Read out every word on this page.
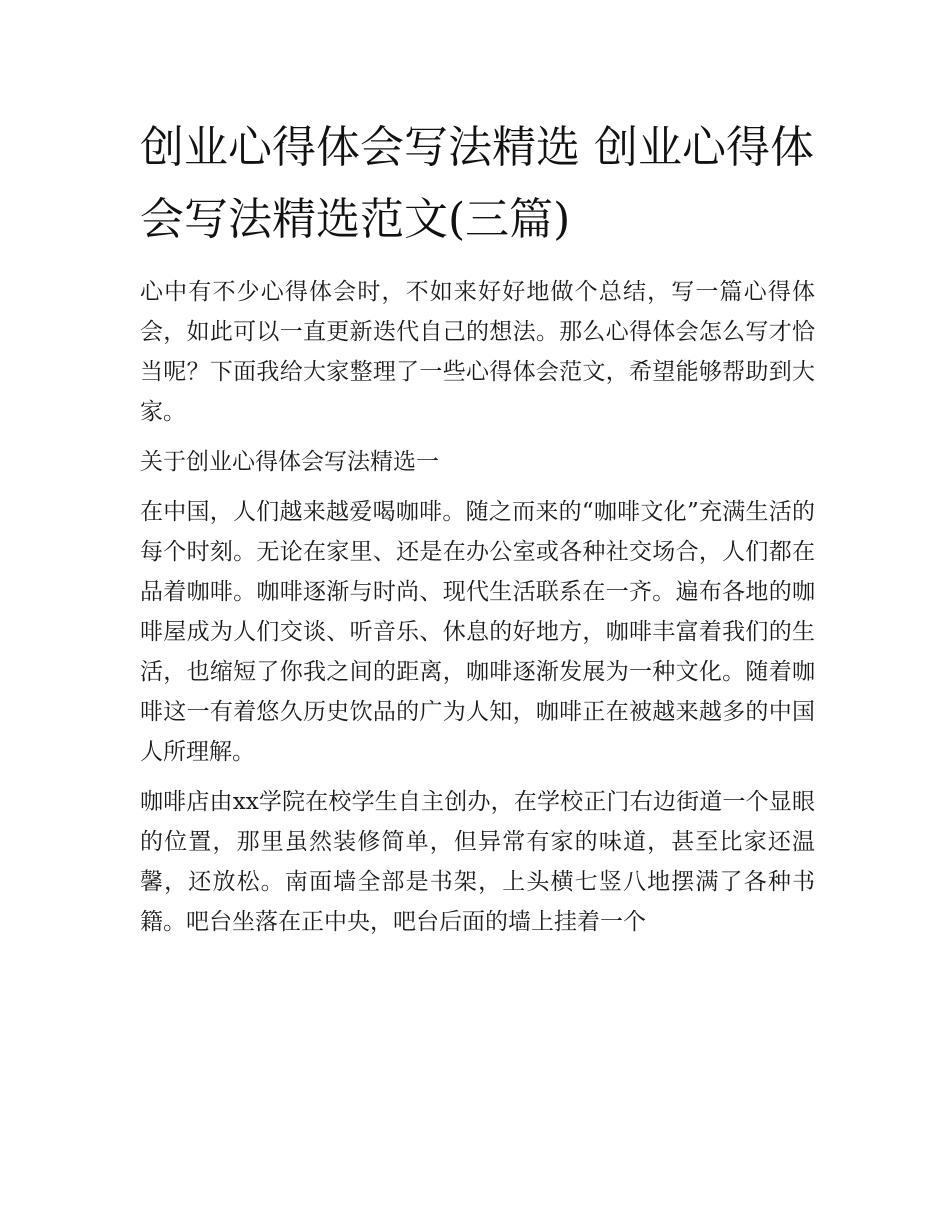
创业心得体会写法精选 创业心得体会写法精选范文(三篇)

心中有不少心得体会时，不如来好好地做个总结，写一篇心得体会，如此可以一直更新迭代自己的想法。那么心得体会怎么写才恰当呢？下面我给大家整理了一些心得体会范文，希望能够帮助到大家。

关于创业心得体会写法精选一

在中国，人们越来越爱喝咖啡。随之而来的“咖啡文化”充满生活的每个时刻。无论在家里、还是在办公室或各种社交场合，人们都在品着咖啡。咖啡逐渐与时尚、现代生活联系在一齐。遍布各地的咖啡屋成为人们交谈、听音乐、休息的好地方，咖啡丰富着我们的生活，也缩短了你我之间的距离，咖啡逐渐发展为一种文化。随着咖啡这一有着悠久历史饮品的广为人知，咖啡正在被越来越多的中国人所理解。

咖啡店由xx学院在校学生自主创办，在学校正门右边街道一个显眼的位置，那里虽然装修简单，但异常有家的味道，甚至比家还温馨，还放松。南面墙全部是书架，上头横七竖八地摆满了各种书籍。吧台坐落在正中央，吧台后面的墙上挂着一个
